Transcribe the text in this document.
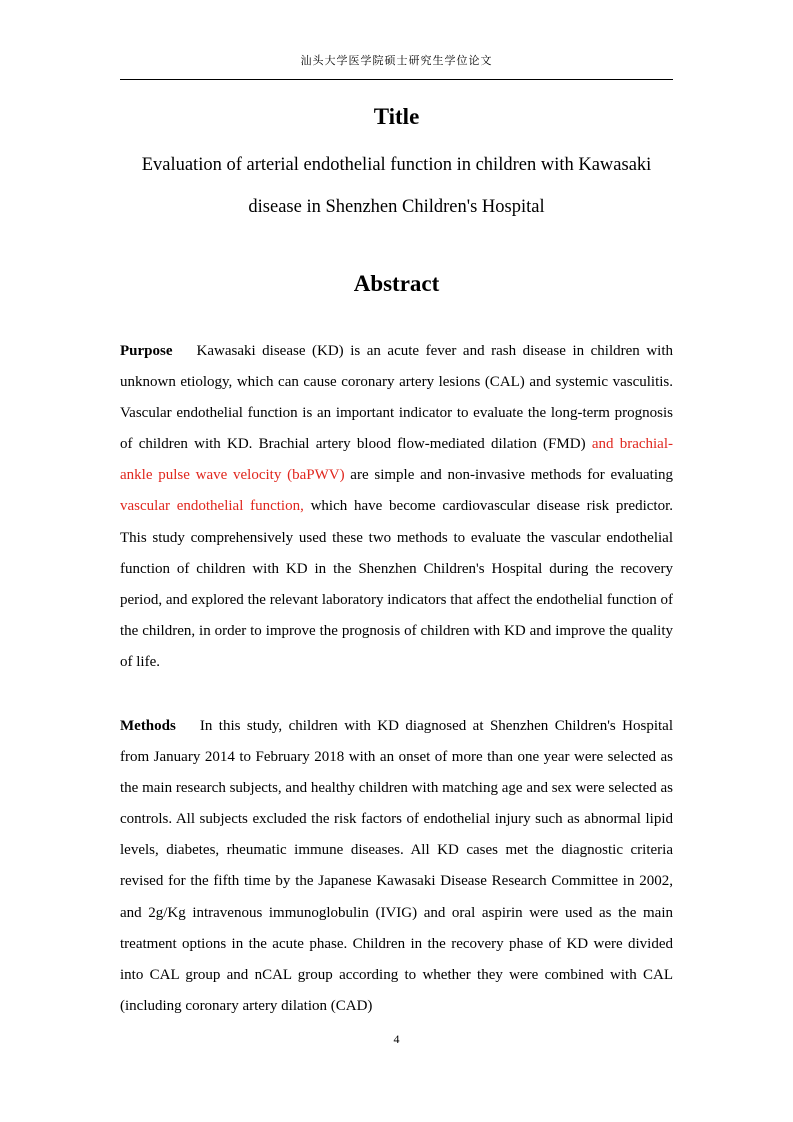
汕头大学医学院硕士研究生学位论文
Title
Evaluation of arterial endothelial function in children with Kawasaki disease in Shenzhen Children's Hospital
Abstract

Purpose Kawasaki disease (KD) is an acute fever and rash disease in children with unknown etiology, which can cause coronary artery lesions (CAL) and systemic vasculitis. Vascular endothelial function is an important indicator to evaluate the long-term prognosis of children with KD. Brachial artery blood flow-mediated dilation (FMD) and brachial-ankle pulse wave velocity (baPWV) are simple and non-invasive methods for evaluating vascular endothelial function, which have become cardiovascular disease risk predictor. This study comprehensively used these two methods to evaluate the vascular endothelial function of children with KD in the Shenzhen Children's Hospital during the recovery period, and explored the relevant laboratory indicators that affect the endothelial function of the children, in order to improve the prognosis of children with KD and improve the quality of life.

Methods In this study, children with KD diagnosed at Shenzhen Children's Hospital from January 2014 to February 2018 with an onset of more than one year were selected as the main research subjects, and healthy children with matching age and sex were selected as controls. All subjects excluded the risk factors of endothelial injury such as abnormal lipid levels, diabetes, rheumatic immune diseases. All KD cases met the diagnostic criteria revised for the fifth time by the Japanese Kawasaki Disease Research Committee in 2002, and 2g/Kg intravenous immunoglobulin (IVIG) and oral aspirin were used as the main treatment options in the acute phase. Children in the recovery phase of KD were divided into CAL group and nCAL group according to whether they were combined with CAL (including coronary artery dilation (CAD)

4
